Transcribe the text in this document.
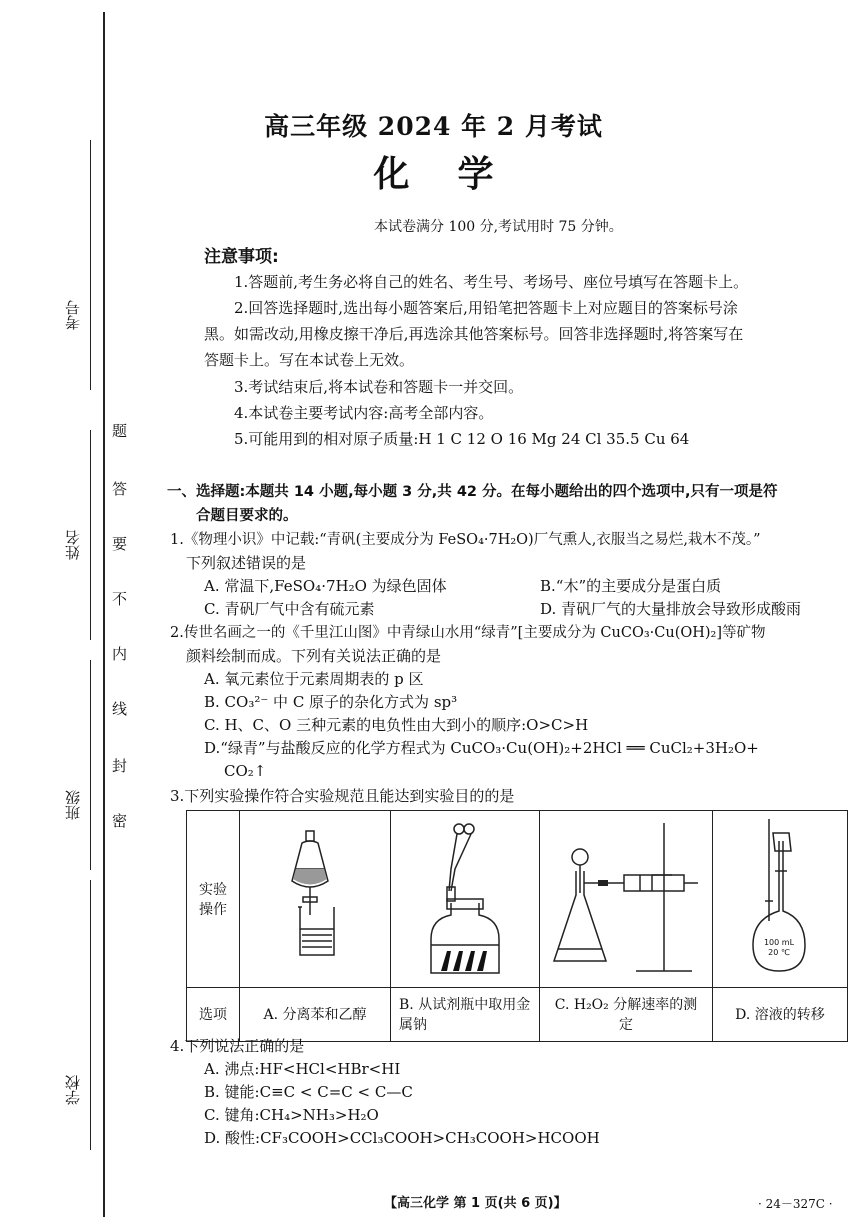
考号
姓名
班级
学校
题
答
要
不
内
线
封
密
高三年级 2024 年 2 月考试
化学
本试卷满分 100 分,考试用时 75 分钟。
注意事项:
1.答题前,考生务必将自己的姓名、考生号、考场号、座位号填写在答题卡上。
2.回答选择题时,选出每小题答案后,用铅笔把答题卡上对应题目的答案标号涂
黑。如需改动,用橡皮擦干净后,再选涂其他答案标号。回答非选择题时,将答案写在
答题卡上。写在本试卷上无效。
3.考试结束后,将本试卷和答题卡一并交回。
4.本试卷主要考试内容:高考全部内容。
5.可能用到的相对原子质量:H 1 C 12 O 16 Mg 24 Cl 35.5 Cu 64
一、选择题:本题共 14 小题,每小题 3 分,共 42 分。在每小题给出的四个选项中,只有一项是符
合题目要求的。
1.《物理小识》中记载:“青矾(主要成分为 FeSO₄·7H₂O)厂气熏人,衣服当之易烂,栽木不茂。”
下列叙述错误的是
A. 常温下,FeSO₄·7H₂O 为绿色固体	B.“木”的主要成分是蛋白质
C. 青矾厂气中含有硫元素	D. 青矾厂气的大量排放会导致形成酸雨
2.传世名画之一的《千里江山图》中青绿山水用“绿青”[主要成分为 CuCO₃·Cu(OH)₂]等矿物
颜料绘制而成。下列有关说法正确的是
A. 氧元素位于元素周期表的 p 区
B. CO₃²⁻ 中 C 原子的杂化方式为 sp³
C. H、C、O 三种元素的电负性由大到小的顺序:O>C>H
D.“绿青”与盐酸反应的化学方程式为 CuCO₃·Cu(OH)₂+2HCl ══ CuCl₂+3H₂O+
CO₂↑
3.下列实验操作符合实验规范且能达到实验目的的是
实验操作				100 mL
20 ℃

选项	A. 分离苯和乙醇	B. 从试剂瓶中取用金属钠	C. H₂O₂ 分解速率的测定	D. 溶液的转移
4.下列说法正确的是
A. 沸点:HF<HCl<HBr<HI
B. 键能:C≡C < C=C < C—C
C. 键角:CH₄>NH₃>H₂O
D. 酸性:CF₃COOH>CCl₃COOH>CH₃COOH>HCOOH
【高三化学 第 1 页(共 6 页)】	· 24－327C ·
